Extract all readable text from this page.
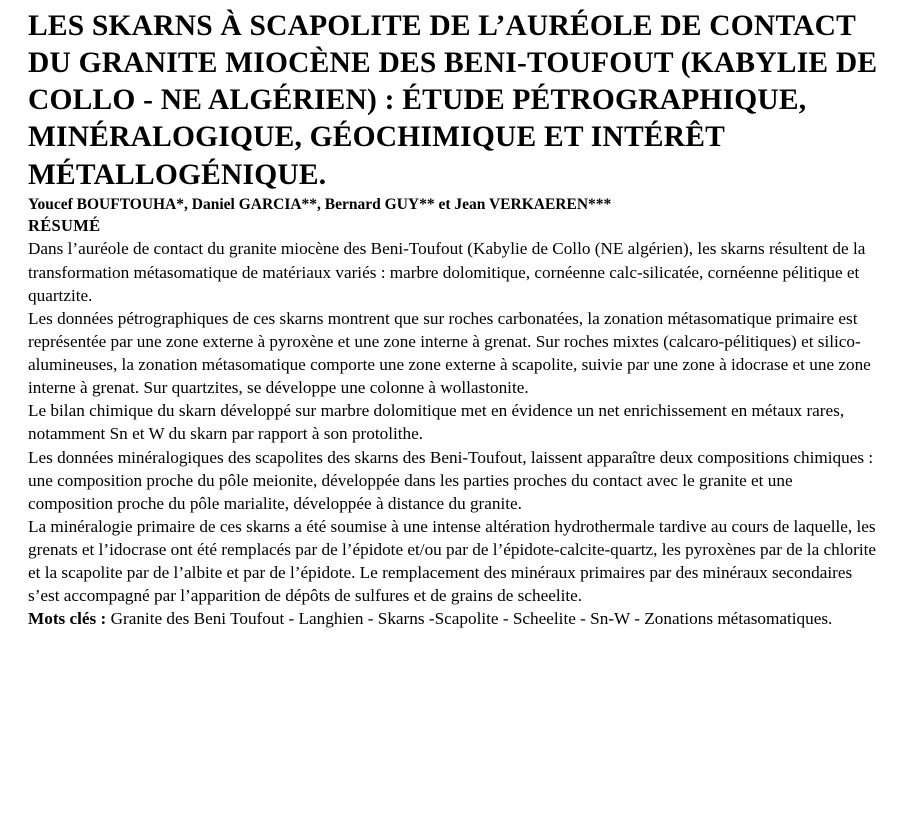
LES SKARNS À SCAPOLITE DE L’AURÉOLE DE CONTACT DU GRANITE MIOCÈNE DES BENI-TOUFOUT (KABYLIE DE COLLO - NE ALGÉRIEN) : ÉTUDE PÉTROGRAPHIQUE, MINÉRALOGIQUE, GÉOCHIMIQUE ET INTÉRÊT MÉTALLOGÉNIQUE.
Youcef BOUFTOUHA*, Daniel GARCIA**, Bernard GUY** et Jean VERKAEREN***
RÉSUMÉ

Dans l’auréole de contact du granite miocène des Beni-Toufout (Kabylie de Collo (NE algérien), les skarns résultent de la transformation métasomatique de matériaux variés : marbre dolomitique, cornéenne calc-silicatée, cornéenne pélitique et quartzite.

Les données pétrographiques de ces skarns montrent que sur roches carbonatées, la zonation métasomatique primaire est représentée par une zone externe à pyroxène et une zone interne à grenat. Sur roches mixtes (calcaro-pélitiques) et silico-alumineuses, la zonation métasomatique comporte une zone externe à scapolite, suivie par une zone à idocrase et une zone interne à grenat. Sur quartzites, se développe une colonne à wollastonite.

Le bilan chimique du skarn développé sur marbre dolomitique met en évidence un net enrichissement en métaux rares, notamment Sn et W du skarn par rapport à son protolithe.

Les données minéralogiques des scapolites des skarns des Beni-Toufout, laissent apparaître deux compositions chimiques : une composition proche du pôle meionite, développée dans les parties proches du contact avec le granite et une composition proche du pôle marialite, développée à distance du granite.

La minéralogie primaire de ces skarns a été soumise à une intense altération hydrothermale tardive au cours de laquelle, les grenats et l’idocrase ont été remplacés par de l’épidote et/ou par de l’épidote-calcite-quartz, les pyroxènes par de la chlorite et la scapolite par de l’albite et par de l’épidote. Le remplacement des minéraux primaires par des minéraux secondaires s’est accompagné par l’apparition de dépôts de sulfures et de grains de scheelite.

Mots clés : Granite des Beni Toufout - Langhien - Skarns -Scapolite - Scheelite - Sn-W - Zonations métasomatiques.
